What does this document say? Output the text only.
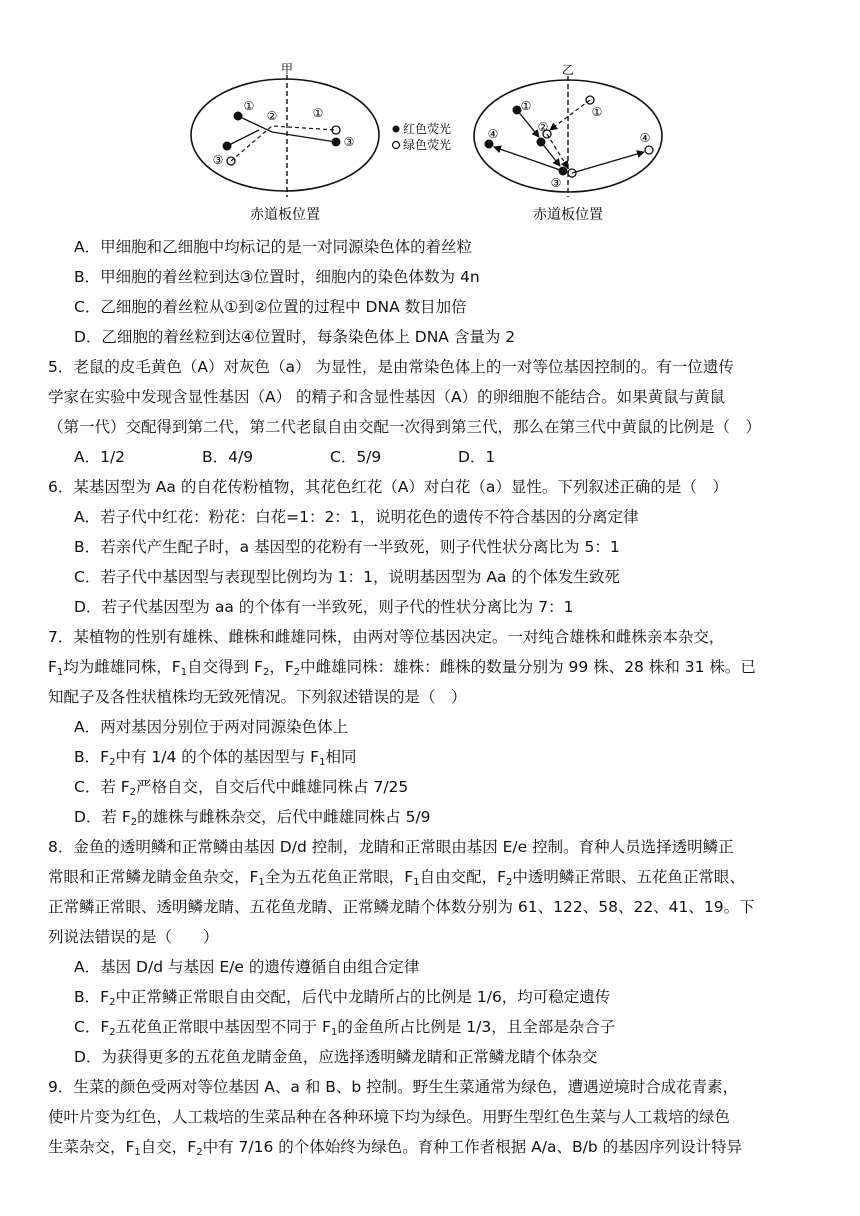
甲
①
②
③
①
③
赤道板位置
红色荧光
绿色荧光
乙
①
②
①
④	④
③
赤道板位置
A．甲细胞和乙细胞中均标记的是一对同源染色体的着丝粒
B．甲细胞的着丝粒到达③位置时，细胞内的染色体数为 4n
C．乙细胞的着丝粒从①到②位置的过程中 DNA 数目加倍
D．乙细胞的着丝粒到达④位置时，每条染色体上 DNA 含量为 2
5．老鼠的皮毛黄色（A）对灰色（a） 为显性，是由常染色体上的一对等位基因控制的。有一位遗传
学家在实验中发现含显性基因（A） 的精子和含显性基因（A）的卵细胞不能结合。如果黄鼠与黄鼠
（第一代）交配得到第二代，第二代老鼠自由交配一次得到第三代，那么在第三代中黄鼠的比例是（　）
A．1/2	B．4/9	C．5/9	D．1
6．某基因型为 Aa 的自花传粉植物，其花色红花（A）对白花（a）显性。下列叙述正确的是（　）
A．若子代中红花：粉花：白花=1：2：1，说明花色的遗传不符合基因的分离定律
B．若亲代产生配子时，a 基因型的花粉有一半致死，则子代性状分离比为 5：1
C．若子代中基因型与表现型比例均为 1：1，说明基因型为 Aa 的个体发生致死
D．若子代基因型为 aa 的个体有一半致死，则子代的性状分离比为 7：1
7．某植物的性别有雄株、雌株和雌雄同株，由两对等位基因决定。一对纯合雄株和雌株亲本杂交，
$F_1$均为雌雄同株，$F_1$自交得到 $F_2$，$F_2$中雌雄同株：雄株：雌株的数量分别为 99 株、28 株和 31 株。已
知配子及各性状植株均无致死情况。下列叙述错误的是（　）
A．两对基因分别位于两对同源染色体上
B．$F_2$中有 1/4 的个体的基因型与 $F_1$相同
C．若 $F_2$严格自交，自交后代中雌雄同株占 7/25
D．若 $F_2$的雄株与雌株杂交，后代中雌雄同株占 5/9
8．金鱼的透明鳞和正常鳞由基因 D/d 控制，龙睛和正常眼由基因 E/e 控制。育种人员选择透明鳞正
常眼和正常鳞龙睛金鱼杂交，$F_1$全为五花鱼正常眼，$F_1$自由交配，$F_2$中透明鳞正常眼、五花鱼正常眼、
正常鳞正常眼、透明鳞龙睛、五花鱼龙睛、正常鳞龙睛个体数分别为 61、122、58、22、41、19。下
列说法错误的是（　　）
A．基因 D/d 与基因 E/e 的遗传遵循自由组合定律
B．$F_2$中正常鳞正常眼自由交配，后代中龙睛所占的比例是 1/6，均可稳定遗传
C．$F_2$五花鱼正常眼中基因型不同于 $F_1$的金鱼所占比例是 1/3，且全部是杂合子
D．为获得更多的五花鱼龙睛金鱼，应选择透明鳞龙睛和正常鳞龙睛个体杂交
9．生菜的颜色受两对等位基因 A、a 和 B、b 控制。野生生菜通常为绿色，遭遇逆境时合成花青素，
使叶片变为红色，人工栽培的生菜品种在各种环境下均为绿色。用野生型红色生菜与人工栽培的绿色
生菜杂交，$F_1$自交，$F_2$中有 7/16 的个体始终为绿色。育种工作者根据 A/a、B/b 的基因序列设计特异
